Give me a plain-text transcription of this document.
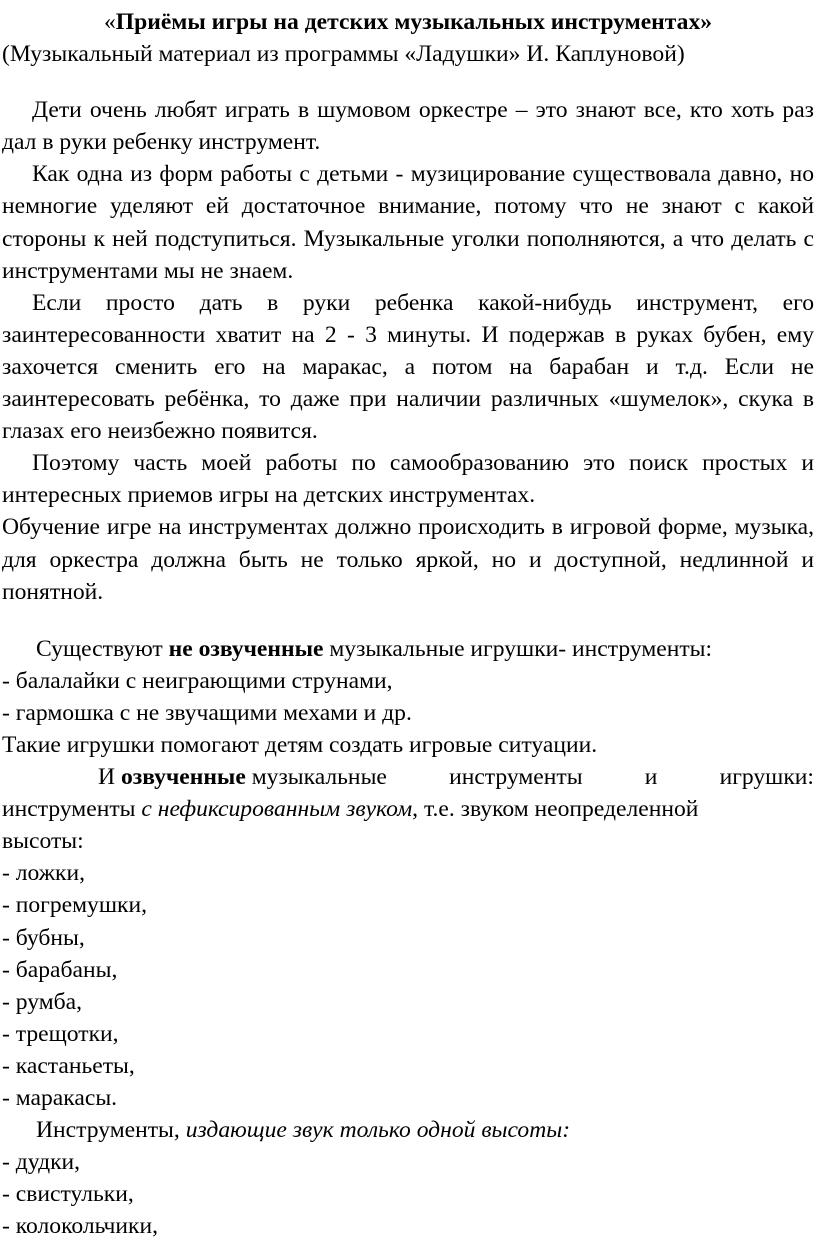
«Приёмы игры на детских музыкальных инструментах»

(Музыкальный материал из программы «Ладушки» И. Каплуновой)

Дети очень любят играть в шумовом оркестре – это знают все, кто хоть раз дал в руки ребенку инструмент.

Как одна из форм работы с детьми - музицирование существовала давно, но немногие уделяют ей достаточное внимание, потому что не знают с какой стороны к ней подступиться. Музыкальные уголки пополняются, а что делать с инструментами мы не знаем.

Если просто дать в руки ребенка какой-нибудь инструмент, его заинтересованности хватит на 2 - 3 минуты. И подержав в руках бубен, ему захочется сменить его на маракас, а потом на барабан и т.д. Если не заинтересовать ребёнка, то даже при наличии различных «шумелок», скука в глазах его неизбежно появится.

Поэтому часть моей работы по самообразованию это поиск простых и интересных приемов игры на детских инструментах.

Обучение игре на инструментах должно происходить в игровой форме, музыка, для оркестра должна быть не только яркой, но и доступной, недлинной и понятной.

Существуют не озвученные музыкальные игрушки- инструменты:

- балалайки с неиграющими струнами,

- гармошка с не звучащими мехами и др.

Такие игрушки помогают детям создать игровые ситуации.

И озвученные музыкальные	инструменты	и	игрушки:
инструменты с нефиксированным звуком, т.е. звуком неопределенной

высоты:

- ложки,

- погремушки,

- бубны,

- барабаны,

- румба,

- трещотки,

- кастаньеты,

- маракасы.

Инструменты, издающие звук только одной высоты:

- дудки,

- свистульки,

- колокольчики,
